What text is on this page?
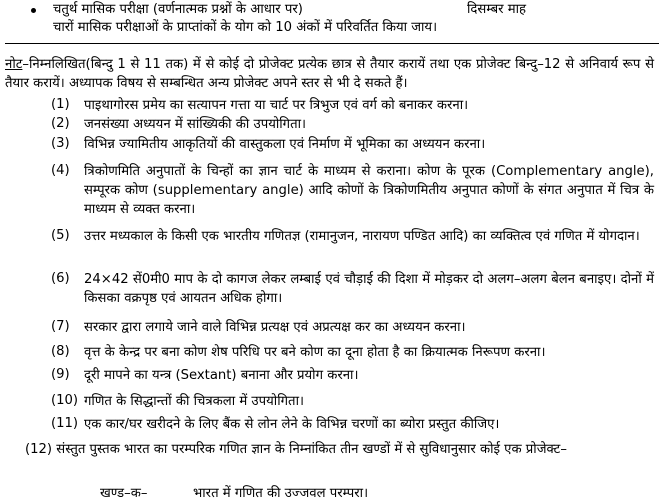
चतुर्थ मासिक परीक्षा (वर्णनात्मक प्रश्नों के आधार पर)	दिसम्बर माह
चारों मासिक परीक्षाओं के प्राप्तांकों के योग को 10 अंकों में परिवर्तित किया जाय।
नोट–निम्नलिखित(बिन्दु 1 से 11 तक) में से कोई दो प्रोजेक्ट प्रत्येक छात्र से तैयार करायें तथा एक प्रोजेक्ट बिन्दु–12 से अनिवार्य रूप से तैयार करायें। अध्यापक विषय से सम्बन्धित अन्य प्रोजेक्ट अपने स्तर से भी दे सकते हैं।
(1) पाइथागोरस प्रमेय का सत्यापन गत्ता या चार्ट पर त्रिभुज एवं वर्ग को बनाकर करना।
(2) जनसंख्या अध्ययन में सांख्यिकी की उपयोगिता।
(3) विभिन्न ज्यामितीय आकृतियों की वास्तुकला एवं निर्माण में भूमिका का अध्ययन करना।
(4) त्रिकोणमिति अनुपातों के चिन्हों का ज्ञान चार्ट के माध्यम से कराना। कोण के पूरक (Complementary angle), सम्पूरक कोण (supplementary angle) आदि कोणों के त्रिकोणमितीय अनुपात कोणों के संगत अनुपात में चित्र के माध्यम से व्यक्त करना।
(5) उत्तर मध्यकाल के किसी एक भारतीय गणितज्ञ (रामानुजन, नारायण पण्डित आदि) का व्यक्तित्व एवं गणित में योगदान।
(6) 24×42 सें0मी0 माप के दो कागज लेकर लम्बाई एवं चौड़ाई की दिशा में मोड़कर दो अलग–अलग बेलन बनाइए। दोनों में किसका वक्रपृष्ठ एवं आयतन अधिक होगा।
(7) सरकार द्वारा लगाये जाने वाले विभिन्न प्रत्यक्ष एवं अप्रत्यक्ष कर का अध्ययन करना।
(8) वृत्त के केन्द्र पर बना कोण शेष परिधि पर बने कोण का दूना होता है का क्रियात्मक निरूपण करना।
(9) दूरी मापने का यन्त्र (Sextant) बनाना और प्रयोग करना।
(10) गणित के सिद्धान्तों की चित्रकला में उपयोगिता।
(11) एक कार/घर खरीदने के लिए बैंक से लोन लेने के विभिन्न चरणों का ब्योरा प्रस्तुत कीजिए।
(12) संस्तुत पुस्तक भारत का परम्परिक गणित ज्ञान के निम्नांकित तीन खण्डों में से सुविधानुसार कोई एक प्रोजेक्ट–
खण्ड–क–	भारत में गणित की उज्जवल परम्परा।
